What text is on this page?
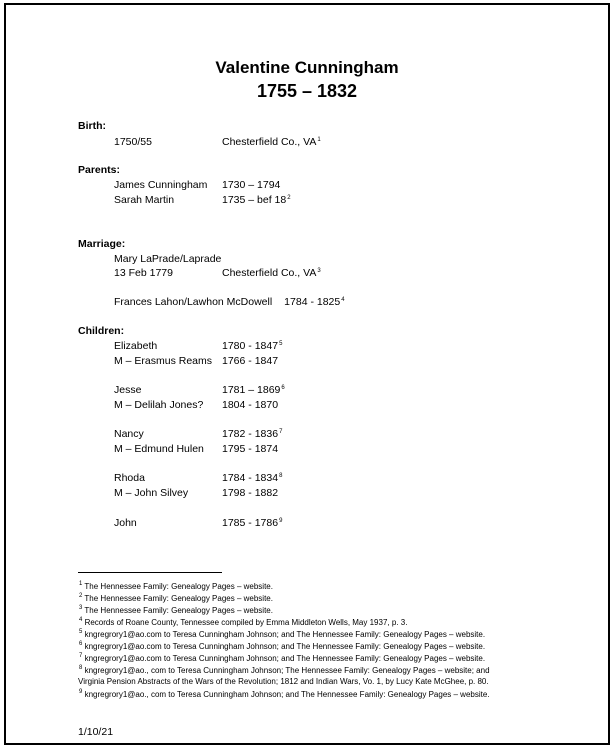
Valentine Cunningham
1755 – 1832
Birth:
1750/55	Chesterfield Co., $VA^1$
Parents:
James Cunningham 1730 – 1794
Sarah Martin	1735 – bef $18^2$
Marriage:
Mary LaPrade/Laprade
13 Feb 1779	Chesterfield Co., $VA^3$
Frances Lahon/Lawhon McDowell 1784 - 1825$^4$
Children:
Elizabeth	1780 - 1847$^5$
M – Erasmus Reams 1766 - 1847
Jesse	1781 – 1869$^6$
M – Delilah Jones? 1804 - 1870
Nancy	1782 - 1836$^7$
M – Edmund Hulen 1795 - 1874
Rhoda	1784 - 1834$^8$
M – John Silvey	1798 - 1882
John	1785 - 1786$^9$
$^1$ The Hennessee Family: Genealogy Pages – website.
$^2$ The Hennessee Family: Genealogy Pages – website.
$^3$ The Hennessee Family: Genealogy Pages – website.
$^4$ Records of Roane County, Tennessee compiled by Emma Middleton Wells, May 1937, p. 3.
$^5$ kngregrory1@ao.com to Teresa Cunningham Johnson; and The Hennessee Family: Genealogy Pages – website.
$^6$ kngregrory1@ao.com to Teresa Cunningham Johnson; and The Hennessee Family: Genealogy Pages – website.
$^7$ kngregrory1@ao.com to Teresa Cunningham Johnson; and The Hennessee Family: Genealogy Pages – website.
$^8$ kngregrory1@ao., com to Teresa Cunningham Johnson; The Hennessee Family: Genealogy Pages – website; and
Virginia Pension Abstracts of the Wars of the Revolution; 1812 and Indian Wars, Vo. 1, by Lucy Kate McGhee, p. 80.
$^9$ kngregrory1@ao., com to Teresa Cunningham Johnson; and The Hennessee Family: Genealogy Pages – website.
1/10/21
